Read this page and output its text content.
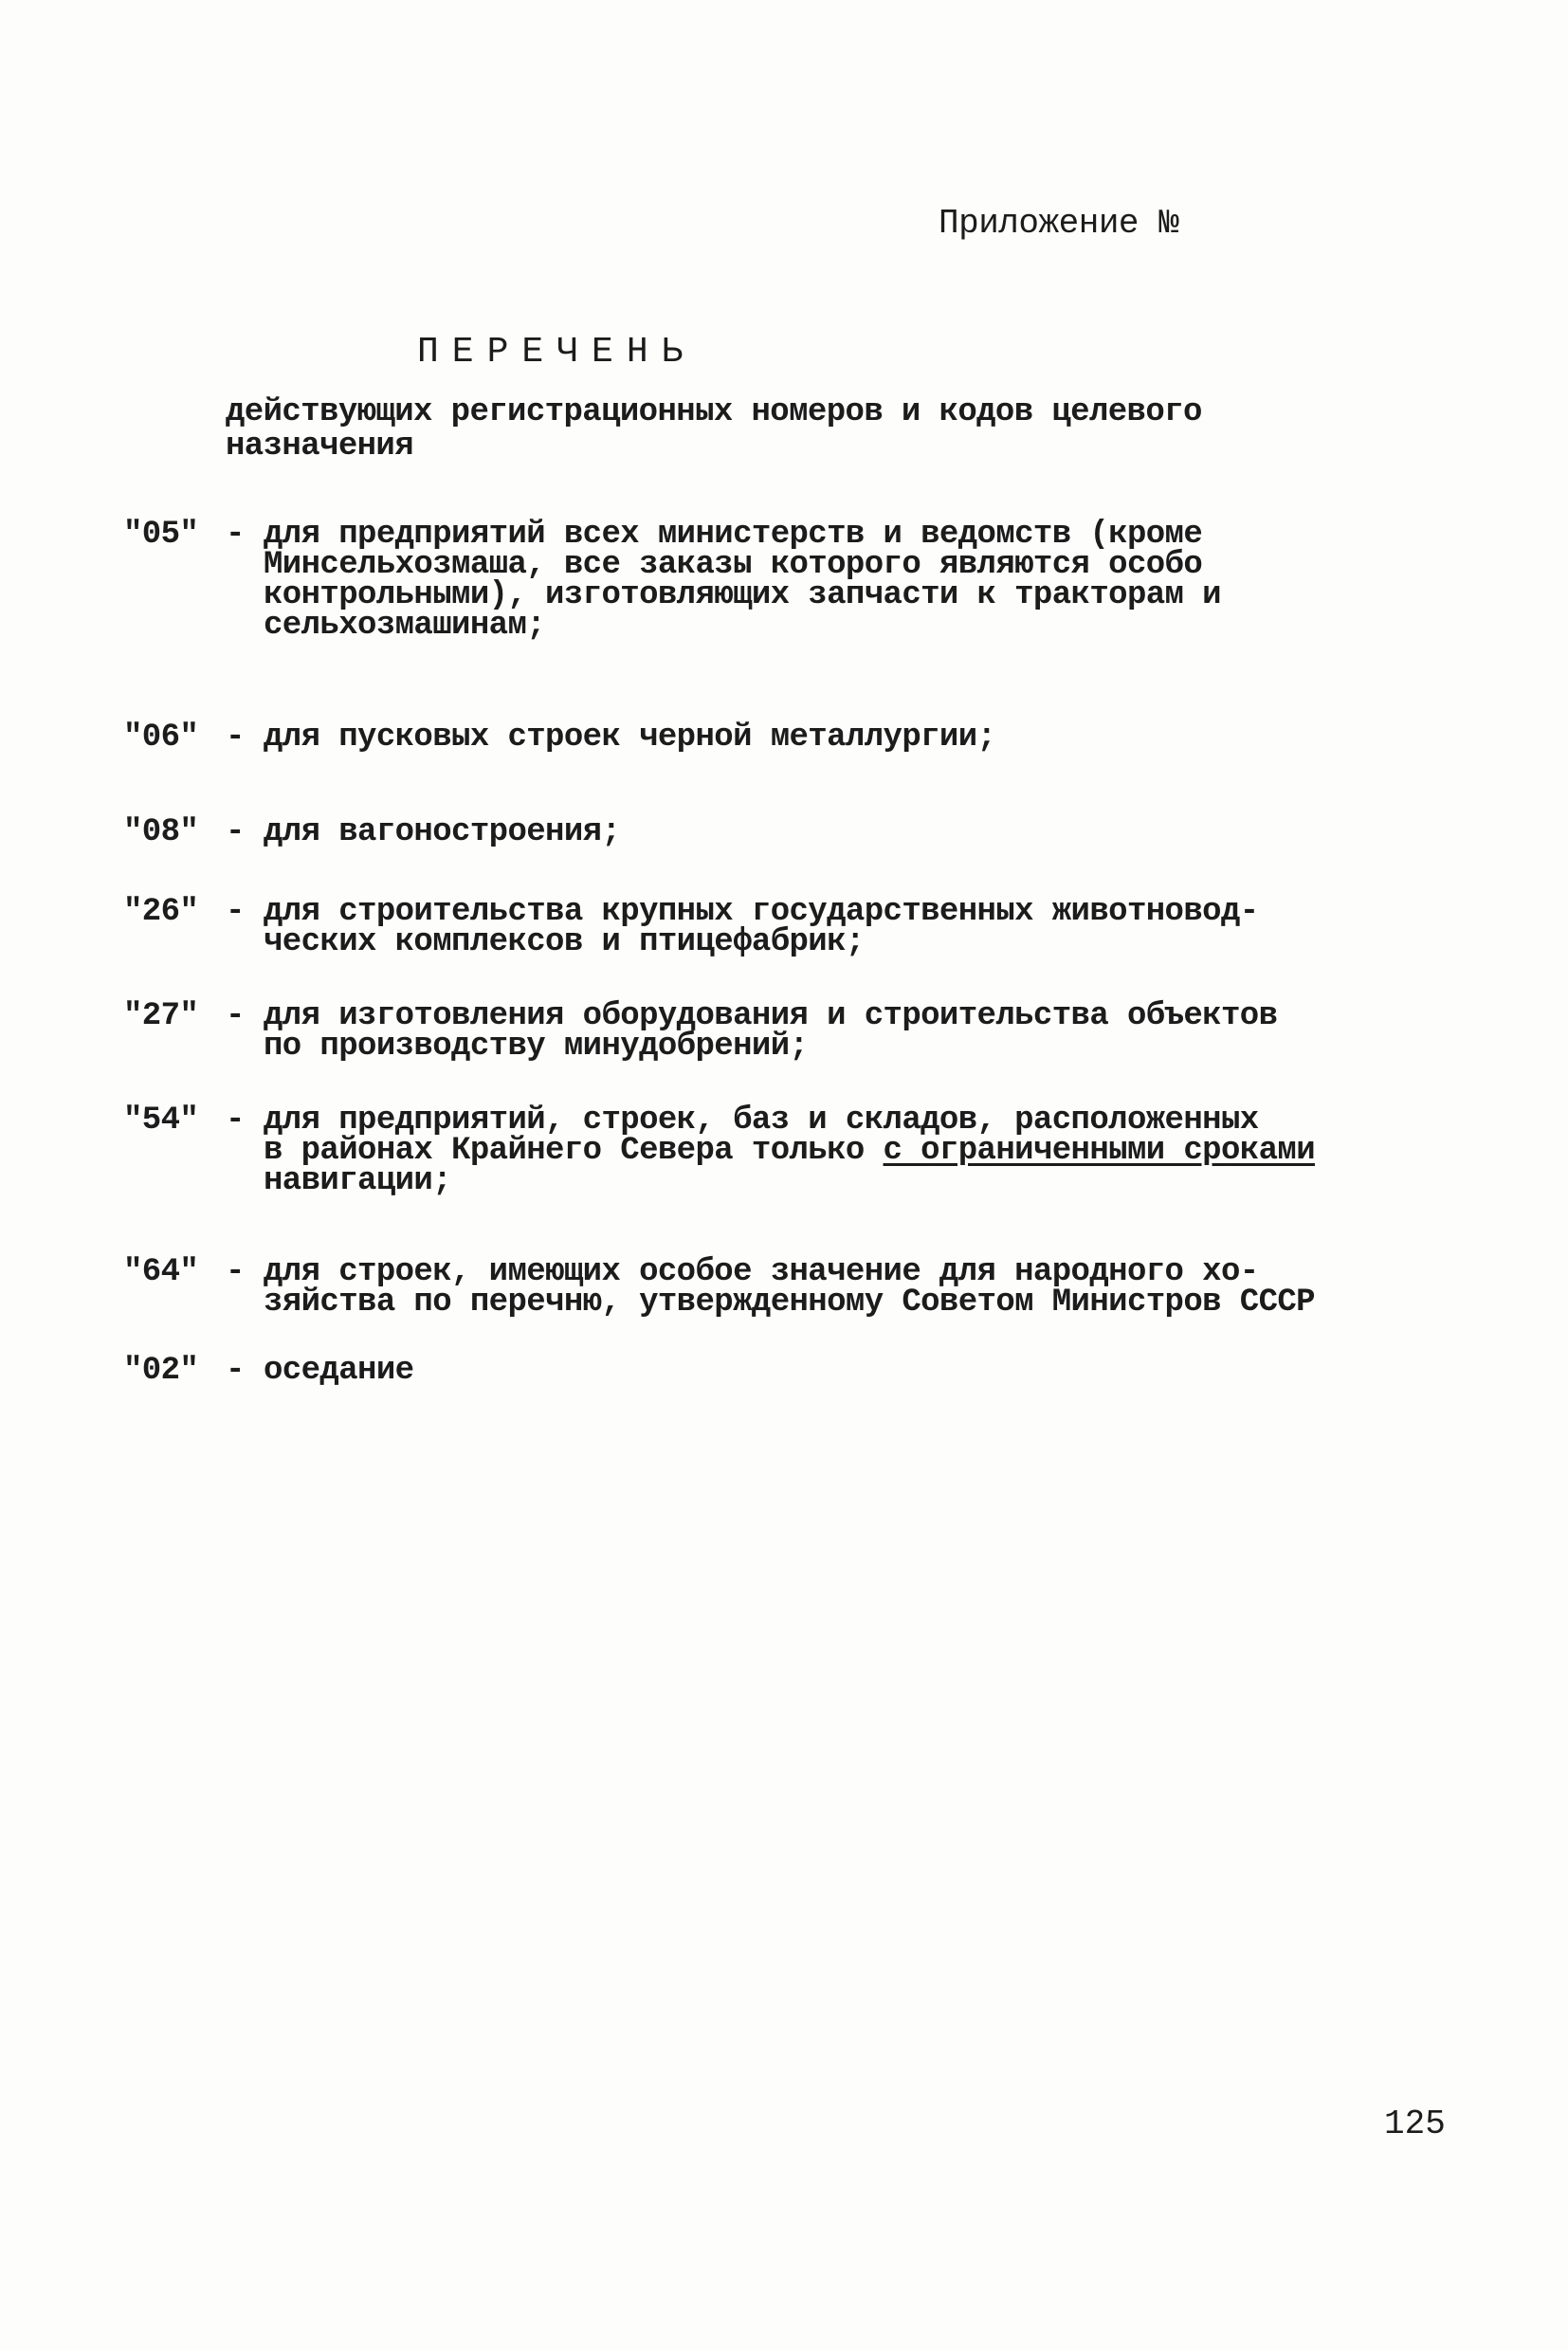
Приложение №
ПЕРЕЧЕНЬ
действующих регистрационных номеров и кодов целевого назначения
"05" - для предприятий всех министерств и ведомств (кроме
Минсельхозмаша, все заказы которого являются особо
контрольными), изготовляющих запчасти к тракторам и
сельхозмашинам;
"06" - для пусковых строек черной металлургии;
"08" - для вагоностроения;
"26" - для строительства крупных государственных животновод-
ческих комплексов и птицефабрик;
"27" - для изготовления оборудования и строительства объектов
по производству минудобрений;
"54" - для предприятий, строек, баз и складов, расположенных
в районах Крайнего Севера только с ограниченными сроками
навигации;
"64" - для строек, имеющих особое значение для народного хо-
зяйства по перечню, утвержденному Советом Министров СССР
"02" - оседание
125
